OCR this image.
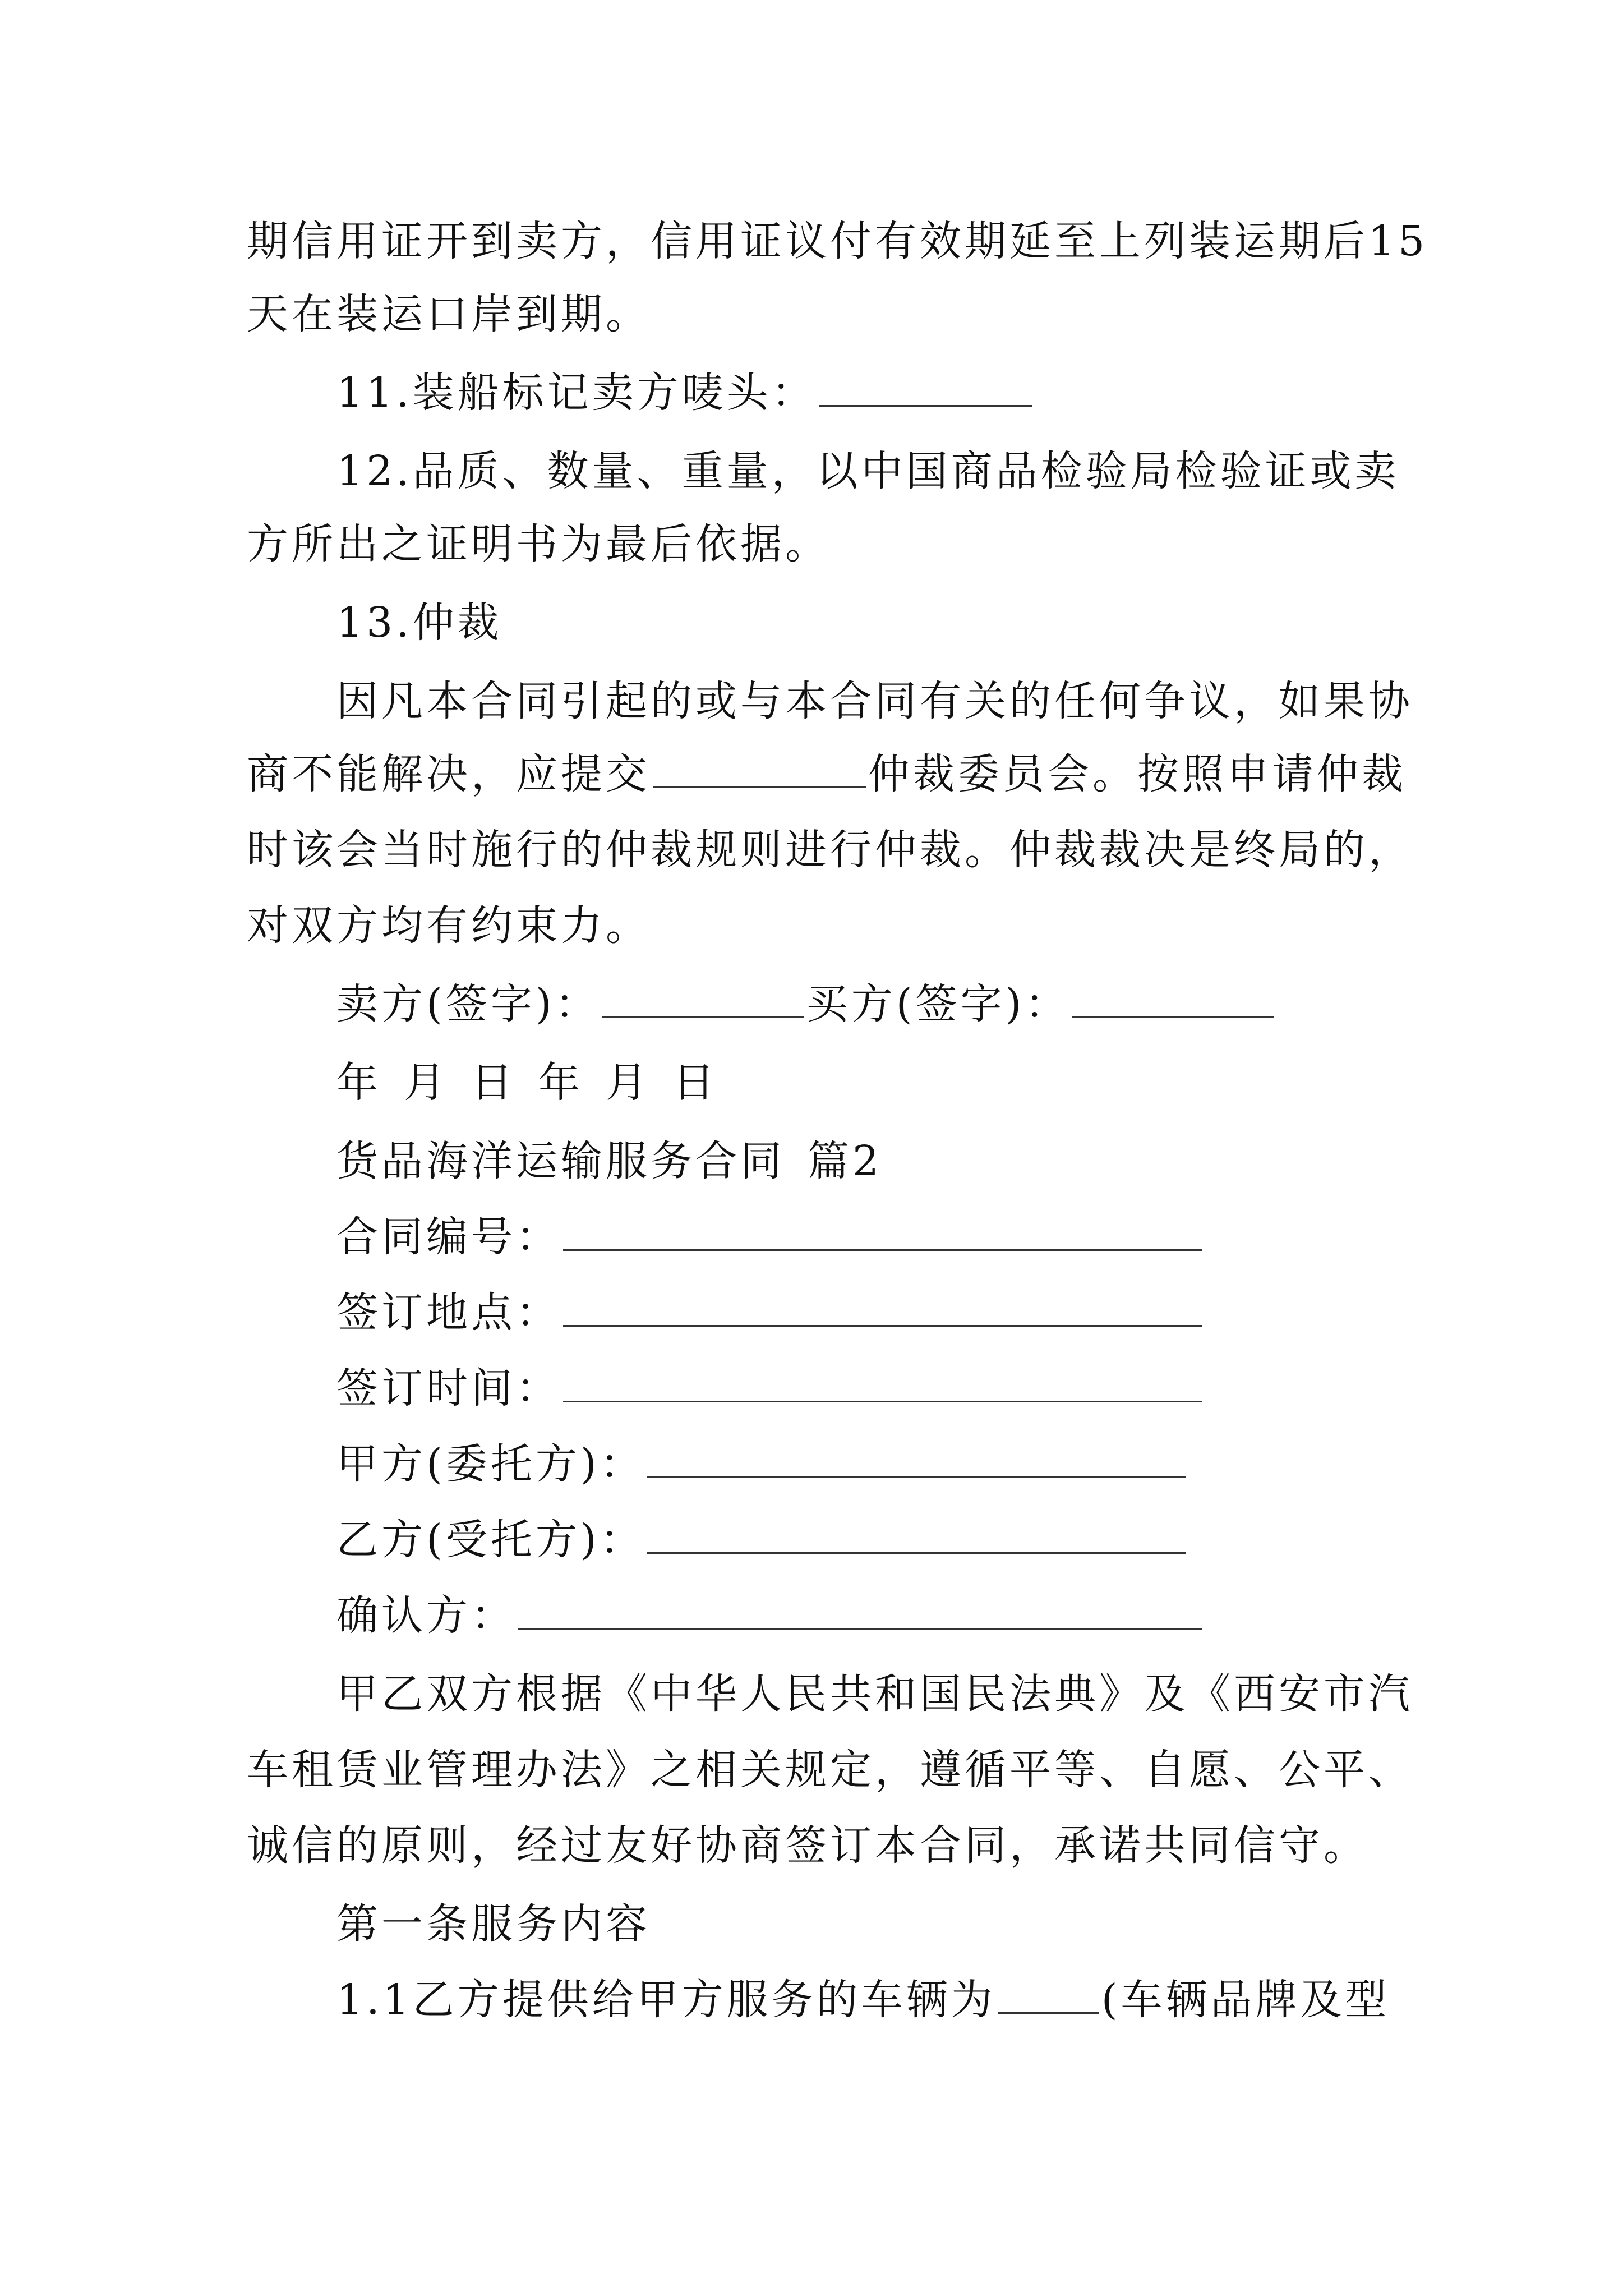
期信用证开到卖方，信用证议付有效期延至上列装运期后15
天在装运口岸到期。
11.装船标记卖方唛头：
12.品质、数量、重量，以中国商品检验局检验证或卖
方所出之证明书为最后依据。
13.仲裁
因凡本合同引起的或与本合同有关的任何争议，如果协
商不能解决，应提交	仲裁委员会。按照申请仲裁
时该会当时施行的仲裁规则进行仲裁。仲裁裁决是终局的，
对双方均有约束力。
卖方(签字)：	买方(签字)：
年 月 日 年 月 日
货品海洋运输服务合同 篇2
合同编号：
签订地点：
签订时间：
甲方(委托方)：
乙方(受托方)：
确认方：
甲乙双方根据《中华人民共和国民法典》及《西安市汽
车租赁业管理办法》之相关规定，遵循平等、自愿、公平、
诚信的原则，经过友好协商签订本合同，承诺共同信守。
第一条服务内容
1.1乙方提供给甲方服务的车辆为	(车辆品牌及型
